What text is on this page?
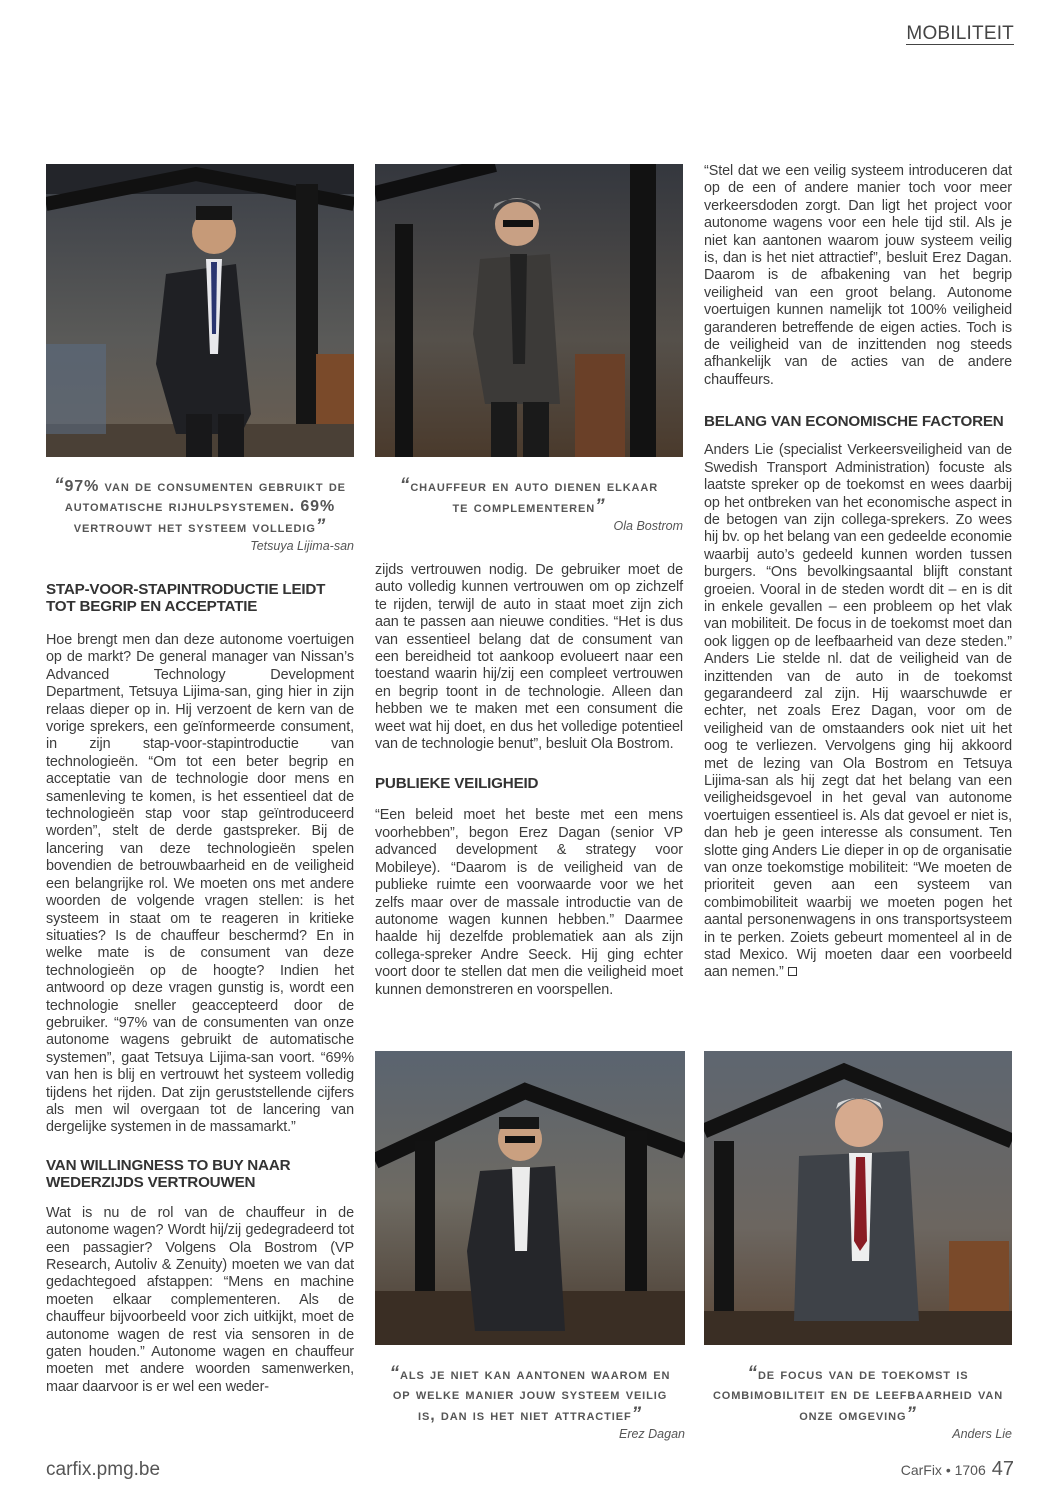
MOBILITEIT
“97% van de consumenten gebruikt de automatische rijhulpsystemen. 69% vertrouwt het systeem volledig”
Tetsuya Lijima-san
“chauffeur en auto dienen elkaar te complementeren”
Ola Bostrom
“als je niet kan aantonen waarom en op welke manier jouw systeem veilig is, dan is het niet attractief”
Erez Dagan
“de focus van de toekomst is combimobiliteit en de leefbaarheid van onze omgeving”
Anders Lie
STAP-VOOR-STAPINTRODUCTIE LEIDT TOT BEGRIP EN ACCEPTATIE

Hoe brengt men dan deze autonome voertuigen op de markt? De general manager van Nissan’s Advanced Technology Development Department, Tetsuya Lijima-san, ging hier in zijn relaas dieper op in. Hij verzoent de kern van de vorige sprekers, een geïnformeerde consument, in zijn stap-voor-stapintroductie van technologieën. “Om tot een beter begrip en acceptatie van de technologie door mens en samenleving te komen, is het essentieel dat de technologieën stap voor stap geïntroduceerd worden”, stelt de derde gastspreker. Bij de lancering van deze technologieën spelen bovendien de betrouwbaarheid en de veiligheid een belangrijke rol. We moeten ons met andere woorden de volgende vragen stellen: is het systeem in staat om te reageren in kritieke situaties? Is de chauffeur beschermd? En in welke mate is de consument van deze technologieën op de hoogte? Indien het antwoord op deze vragen gunstig is, wordt een technologie sneller geaccepteerd door de gebruiker. “97% van de consumenten van onze autonome wagens gebruikt de automatische systemen”, gaat Tetsuya Lijima-san voort. “69% van hen is blij en vertrouwt het systeem volledig tijdens het rijden. Dat zijn geruststellende cijfers als men wil overgaan tot de lancering van dergelijke systemen in de massamarkt.”

VAN WILLINGNESS TO BUY NAAR WEDERZIJDS VERTROUWEN

Wat is nu de rol van de chauffeur in de autonome wagen? Wordt hij/zij gedegradeerd tot een passagier? Volgens Ola Bostrom (VP Research, Autoliv & Zenuity) moeten we van dat gedachtegoed afstappen: “Mens en machine moeten elkaar complementeren. Als de chauffeur bijvoorbeeld voor zich uitkijkt, moet de autonome wagen de rest via sensoren in de gaten houden.” Autonome wagen en chauffeur moeten met andere woorden samenwerken, maar daarvoor is er wel een weder-

zijds vertrouwen nodig. De gebruiker moet de auto volledig kunnen vertrouwen om op zichzelf te rijden, terwijl de auto in staat moet zijn zich aan te passen aan nieuwe condities. “Het is dus van essentieel belang dat de consument van een bereidheid tot aankoop evolueert naar een toestand waarin hij/zij een compleet vertrouwen en begrip toont in de technologie. Alleen dan hebben we te maken met een consument die weet wat hij doet, en dus het volledige potentieel van de technologie benut”, besluit Ola Bostrom.

PUBLIEKE VEILIGHEID

“Een beleid moet het beste met een mens voorhebben”, begon Erez Dagan (senior VP advanced development & strategy voor Mobileye). “Daarom is de veiligheid van de publieke ruimte een voorwaarde voor we het zelfs maar over de massale introductie van de autonome wagen kunnen hebben.” Daarmee haalde hij dezelfde problematiek aan als zijn collega-spreker Andre Seeck. Hij ging echter voort door te stellen dat men die veiligheid moet kunnen demonstreren en voorspellen.

“Stel dat we een veilig systeem introduceren dat op de een of andere manier toch voor meer verkeersdoden zorgt. Dan ligt het project voor autonome wagens voor een hele tijd stil. Als je niet kan aantonen waarom jouw systeem veilig is, dan is het niet attractief”, besluit Erez Dagan. Daarom is de afbakening van het begrip veiligheid van een groot belang. Autonome voertuigen kunnen namelijk tot 100% veiligheid garanderen betreffende de eigen acties. Toch is de veiligheid van de inzittenden nog steeds afhankelijk van de acties van de andere chauffeurs.

BELANG VAN ECONOMISCHE FACTOREN

Anders Lie (specialist Verkeersveiligheid van de Swedish Transport Administration) focuste als laatste spreker op de toekomst en wees daarbij op het ontbreken van het economische aspect in de betogen van zijn collega-sprekers. Zo wees hij bv. op het belang van een gedeelde economie waarbij auto’s gedeeld kunnen worden tussen burgers. “Ons bevolkingsaantal blijft constant groeien. Vooral in de steden wordt dit – en is dit in enkele gevallen – een probleem op het vlak van mobiliteit. De focus in de toekomst moet dan ook liggen op de leefbaarheid van deze steden.” Anders Lie stelde nl. dat de veiligheid van de inzittenden van de auto in de toekomst gegarandeerd zal zijn. Hij waarschuwde er echter, net zoals Erez Dagan, voor om de veiligheid van de omstaanders ook niet uit het oog te verliezen. Vervolgens ging hij akkoord met de lezing van Ola Bostrom en Tetsuya Lijima-san als hij zegt dat het belang van een veiligheidsgevoel in het geval van autonome voertuigen essentieel is. Als dat gevoel er niet is, dan heb je geen interesse als consument. Ten slotte ging Anders Lie dieper in op de organisatie van onze toekomstige mobiliteit: “We moeten de prioriteit geven aan een systeem van combimobiliteit waarbij we moeten pogen het aantal personenwagens in ons transportsysteem in te perken. Zoiets gebeurt momenteel al in de stad Mexico. Wij moeten daar een voorbeeld aan nemen.”

carfix.pmg.be	CarFix • 1706 47
